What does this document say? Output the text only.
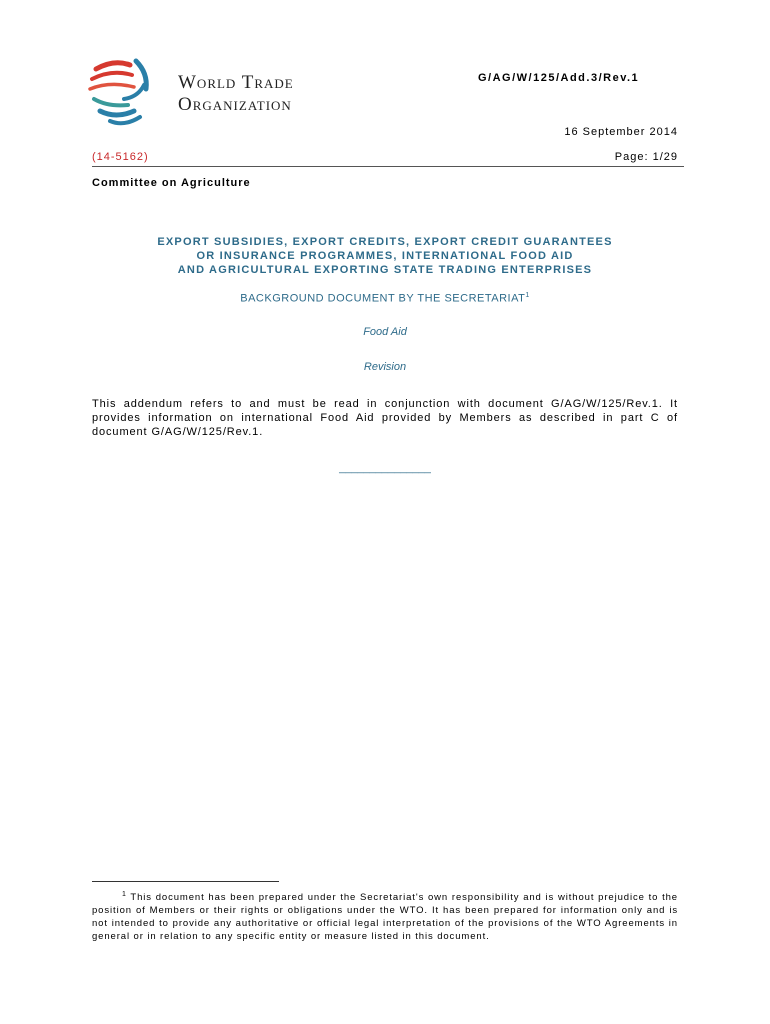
World Trade
Organization
G/AG/W/125/Add.3/Rev.1
16 September 2014
(14-5162)	Page: 1/29
Committee on Agriculture
EXPORT SUBSIDIES, EXPORT CREDITS, EXPORT CREDIT GUARANTEES
OR INSURANCE PROGRAMMES, INTERNATIONAL FOOD AID
AND AGRICULTURAL EXPORTING STATE TRADING ENTERPRISES
BACKGROUND DOCUMENT BY THE SECRETARIAT$^1$
Food Aid
Revision
This addendum refers to and must be read in conjunction with document G/AG/W/125/Rev.1. It provides information on international Food Aid provided by Members as described in part C of document G/AG/W/125/Rev.1.
_______________
$^1$ This document has been prepared under the Secretariat's own responsibility and is without prejudice to the position of Members or their rights or obligations under the WTO. It has been prepared for information only and is not intended to provide any authoritative or official legal interpretation of the provisions of the WTO Agreements in general or in relation to any specific entity or measure listed in this document.
